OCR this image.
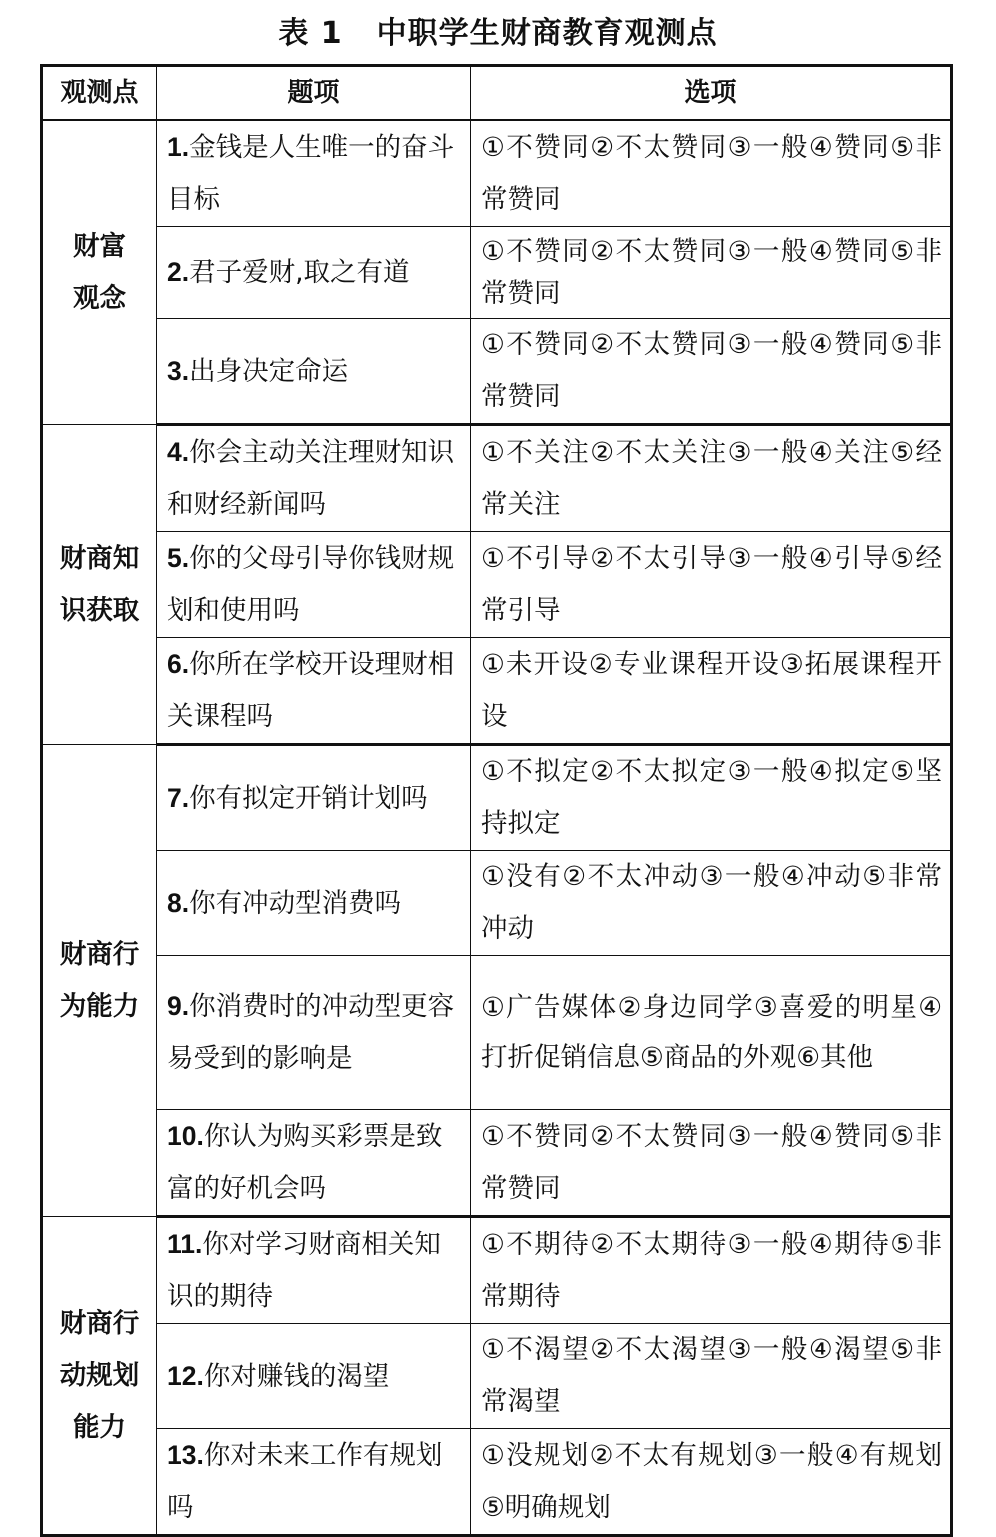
表 1 中职学生财商教育观测点
观测点	题项	选项
财富观念	1.金钱是人生唯一的奋斗目标	①不赞同②不太赞同③一般④赞同⑤非常赞同
	2.君子爱财,取之有道	①不赞同②不太赞同③一般④赞同⑤非常赞同
	3.出身决定命运	①不赞同②不太赞同③一般④赞同⑤非常赞同
财商知识获取	4.你会主动关注理财知识和财经新闻吗	①不关注②不太关注③一般④关注⑤经常关注
	5.你的父母引导你钱财规划和使用吗	①不引导②不太引导③一般④引导⑤经常引导
	6.你所在学校开设理财相关课程吗	①未开设②专业课程开设③拓展课程开设
财商行为能力	7.你有拟定开销计划吗	①不拟定②不太拟定③一般④拟定⑤坚持拟定
	8.你有冲动型消费吗	①没有②不太冲动③一般④冲动⑤非常冲动
	9.你消费时的冲动型更容易受到的影响是	①广告媒体②身边同学③喜爱的明星④打折促销信息⑤商品的外观⑥其他
	10.你认为购买彩票是致富的好机会吗	①不赞同②不太赞同③一般④赞同⑤非常赞同
财商行动规划能力	11.你对学习财商相关知识的期待	①不期待②不太期待③一般④期待⑤非常期待
	12.你对赚钱的渴望	①不渴望②不太渴望③一般④渴望⑤非常渴望
	13.你对未来工作有规划吗	①没规划②不太有规划③一般④有规划⑤明确规划
